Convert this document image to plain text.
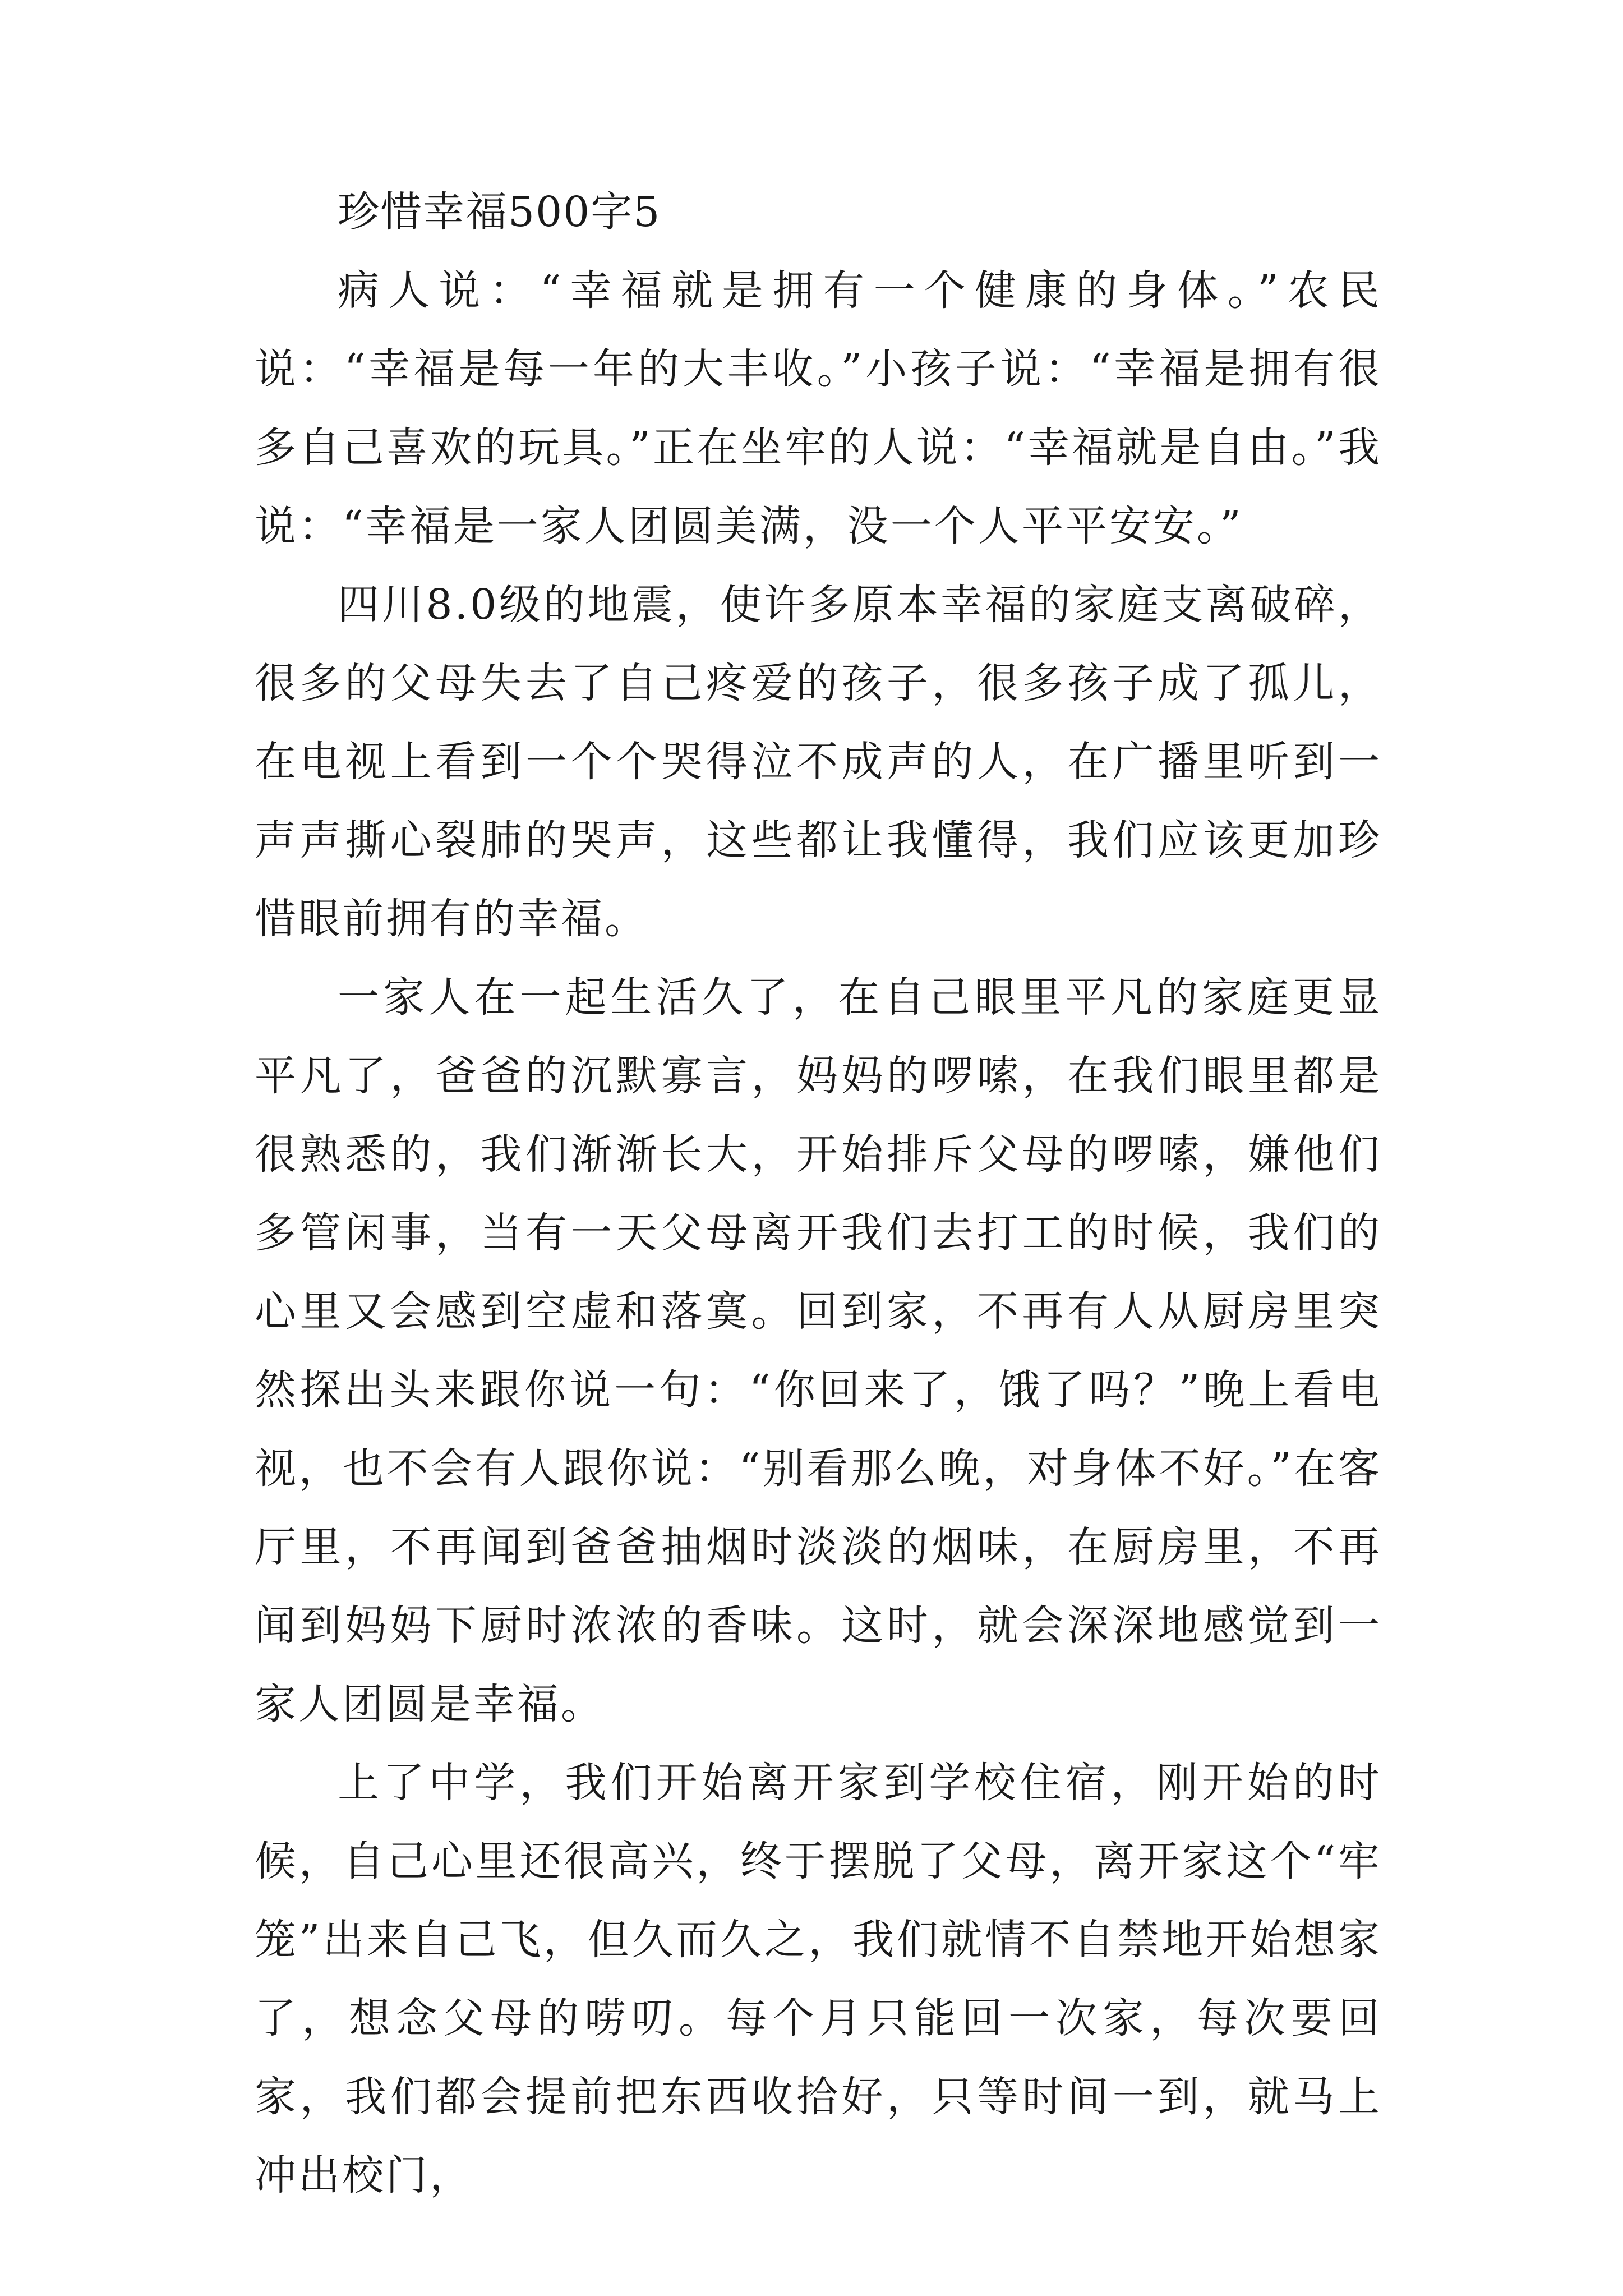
珍惜幸福500字5

病人说：“幸福就是拥有一个健康的身体。”农民说：“幸福是每一年的大丰收。”小孩子说：“幸福是拥有很多自己喜欢的玩具。”正在坐牢的人说：“幸福就是自由。”我说：“幸福是一家人团圆美满，没一个人平平安安。”

四川8.0级的地震，使许多原本幸福的家庭支离破碎，很多的父母失去了自己疼爱的孩子，很多孩子成了孤儿，在电视上看到一个个哭得泣不成声的人，在广播里听到一声声撕心裂肺的哭声，这些都让我懂得，我们应该更加珍惜眼前拥有的幸福。

一家人在一起生活久了，在自己眼里平凡的家庭更显平凡了，爸爸的沉默寡言，妈妈的啰嗦，在我们眼里都是很熟悉的，我们渐渐长大，开始排斥父母的啰嗦，嫌他们多管闲事，当有一天父母离开我们去打工的时候，我们的心里又会感到空虚和落寞。回到家，不再有人从厨房里突然探出头来跟你说一句：“你回来了，饿了吗？”晚上看电视，也不会有人跟你说：“别看那么晚，对身体不好。”在客厅里，不再闻到爸爸抽烟时淡淡的烟味，在厨房里，不再闻到妈妈下厨时浓浓的香味。这时，就会深深地感觉到一家人团圆是幸福。

上了中学，我们开始离开家到学校住宿，刚开始的时候，自己心里还很高兴，终于摆脱了父母，离开家这个“牢笼”出来自己飞，但久而久之，我们就情不自禁地开始想家了，想念父母的唠叨。每个月只能回一次家，每次要回家，我们都会提前把东西收拾好，只等时间一到，就马上冲出校门，
